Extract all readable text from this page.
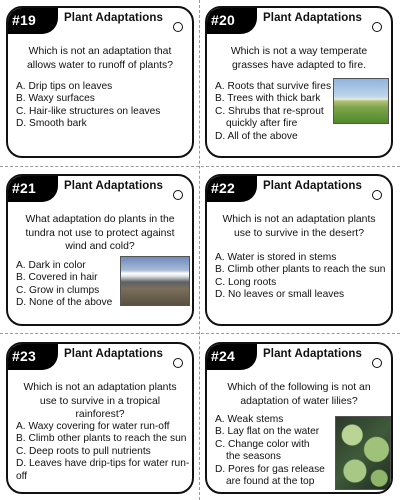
#19 Plant Adaptations
Which is not an adaptation that allows water to runoff of plants?
A. Drip tips on leaves
B. Waxy surfaces
C. Hair-like structures on leaves
D. Smooth bark
#20 Plant Adaptations
Which is not a way temperate grasses have adapted to fire.
A. Roots that survive fires
B. Trees with thick bark
C. Shrubs that re-sprout
quickly after fire
D. All of the above
#21 Plant Adaptations
What adaptation do plants in the tundra not use to protect against wind and cold?
A. Dark in color
B. Covered in hair
C. Grow in clumps
D. None of the above
#22 Plant Adaptations
Which is not an adaptation plants use to survive in the desert?
A. Water is stored in stems
B. Climb other plants to reach the sun
C. Long roots
D. No leaves or small leaves
#23 Plant Adaptations
Which is not an adaptation plants use to survive in a tropical rainforest?
A. Waxy covering for water run-off
B. Climb other plants to reach the sun
C. Deep roots to pull nutrients
D. Leaves have drip-tips for water run-off
#24 Plant Adaptations
Which of the following is not an adaptation of water lilies?
A. Weak stems
B. Lay flat on the water
C. Change color with
the seasons
D. Pores for gas release
are found at the top
